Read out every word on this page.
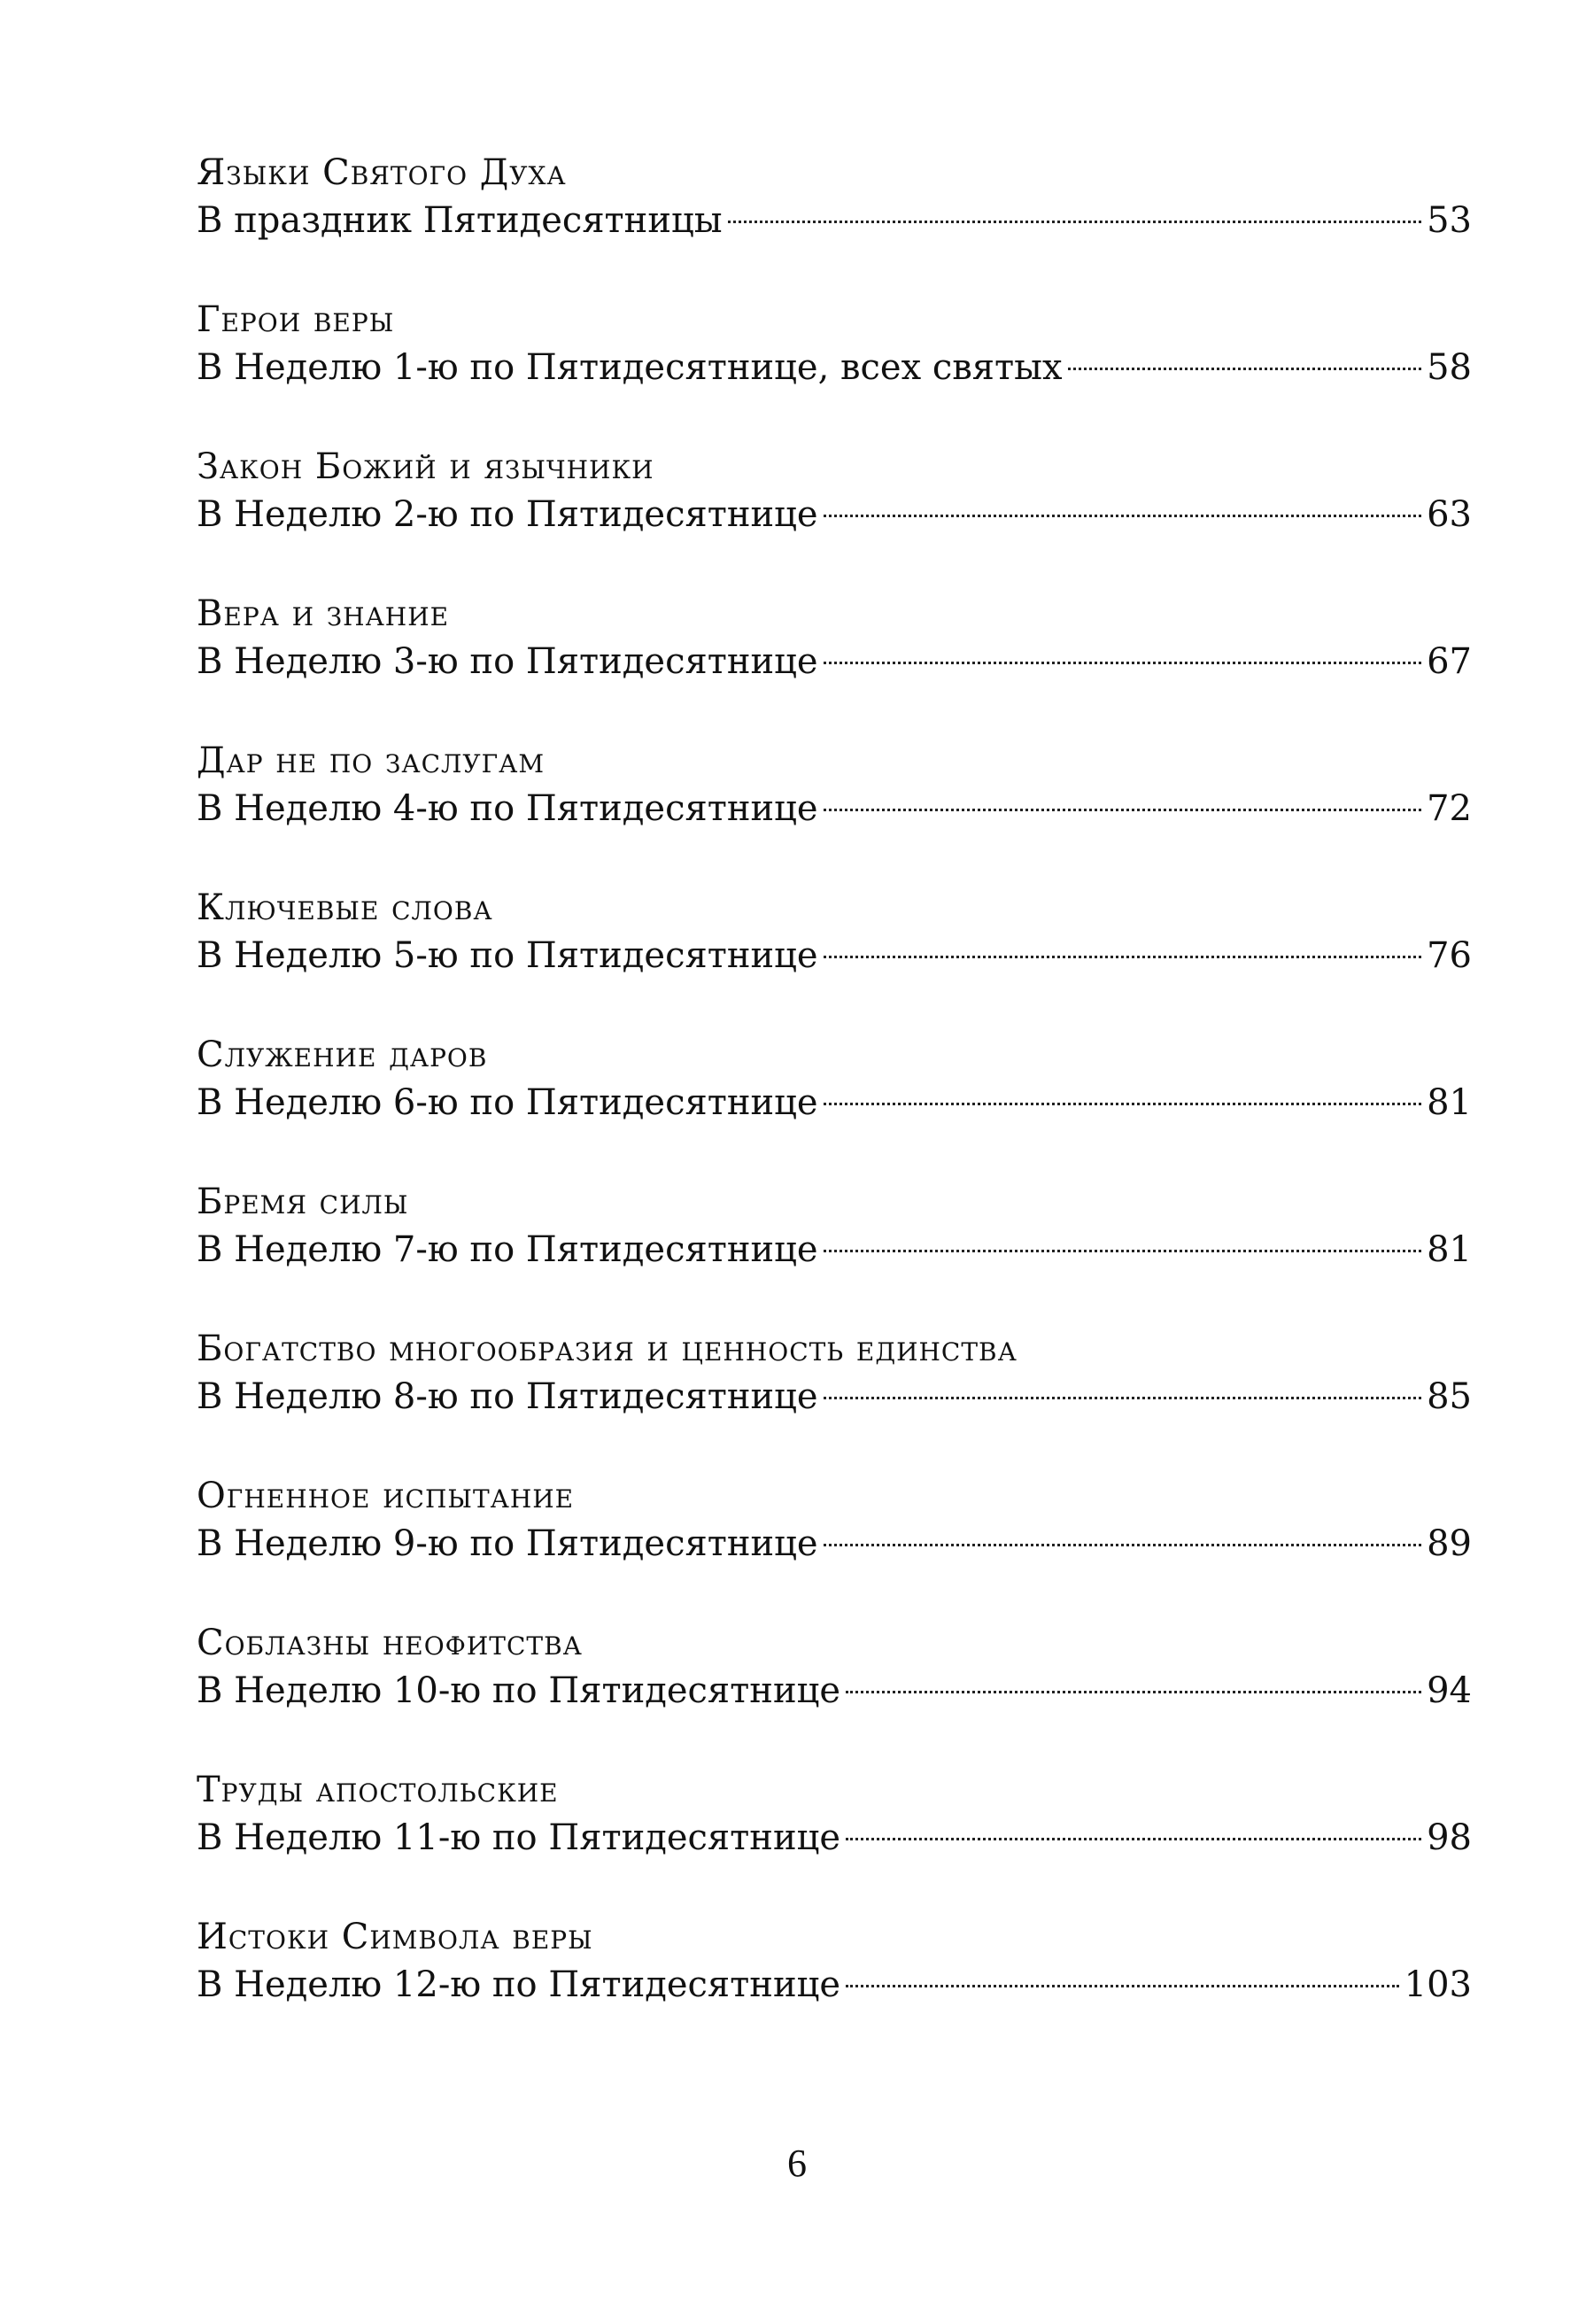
Языки Святого Духа
В праздник Пятидесятницы	53
Герои веры
В Неделю 1-ю по Пятидесятнице, всех святых	58
Закон Божий и язычники
В Неделю 2-ю по Пятидесятнице	63
Вера и знание
В Неделю 3-ю по Пятидесятнице	67
Дар не по заслугам
В Неделю 4-ю по Пятидесятнице	72
Ключевые слова
В Неделю 5-ю по Пятидесятнице	76
Служение даров
В Неделю 6-ю по Пятидесятнице	81
Бремя силы
В Неделю 7-ю по Пятидесятнице	81
Богатство многообразия и ценность единства
В Неделю 8-ю по Пятидесятнице	85
Огненное испытание
В Неделю 9-ю по Пятидесятнице	89
Соблазны неофитства
В Неделю 10-ю по Пятидесятнице	94
Труды апостольские
В Неделю 11-ю по Пятидесятнице	98
Истоки Символа веры
В Неделю 12-ю по Пятидесятнице	103
6
